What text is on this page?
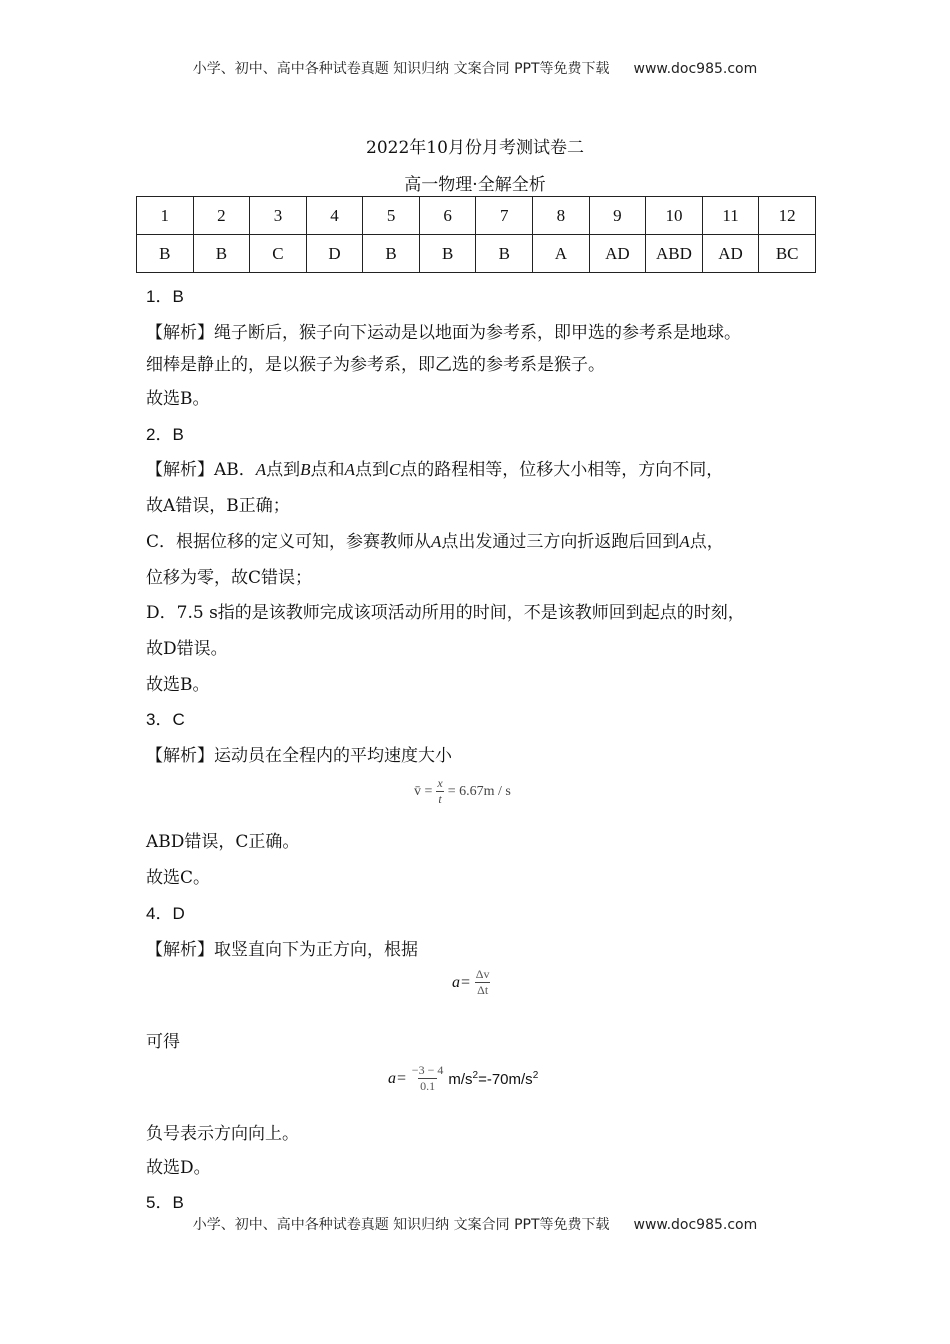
小学、初中、高中各种试卷真题 知识归纳 文案合同 PPT等免费下载 www.doc985.com
2022年10月份月考测试卷二
高一物理·全解全析
1	2	3	4	5	6	7	8	9	10	11	12
B	B	C	D	B	B	B	A	AD	ABD	AD	BC
1．B
【解析】绳子断后，猴子向下运动是以地面为参考系，即甲选的参考系是地球。
细棒是静止的，是以猴子为参考系，即乙选的参考系是猴子。
故选B。
2．B
【解析】AB．A点到B点和A点到C点的路程相等，位移大小相等，方向不同，
故A错误，B正确；
C．根据位移的定义可知，参赛教师从A点出发通过三方向折返跑后回到A点，
位移为零，故C错误；
D．7.5 s指的是该教师完成该项活动所用的时间，不是该教师回到起点的时刻，
故D错误。
故选B。
3．C
【解析】运动员在全程内的平均速度大小
v̄ = $\frac{x}{t} = 6.67m / s$
ABD错误，C正确。
故选C。
4．D
【解析】取竖直向下为正方向，根据
$a= \frac{\Delta v}{\Delta t}$
可得
$a= \frac{-3 - 4}{0.1} m/s^2=-70m/s^2$
负号表示方向向上。
故选D。
5．B
小学、初中、高中各种试卷真题 知识归纳 文案合同 PPT等免费下载 www.doc985.com
